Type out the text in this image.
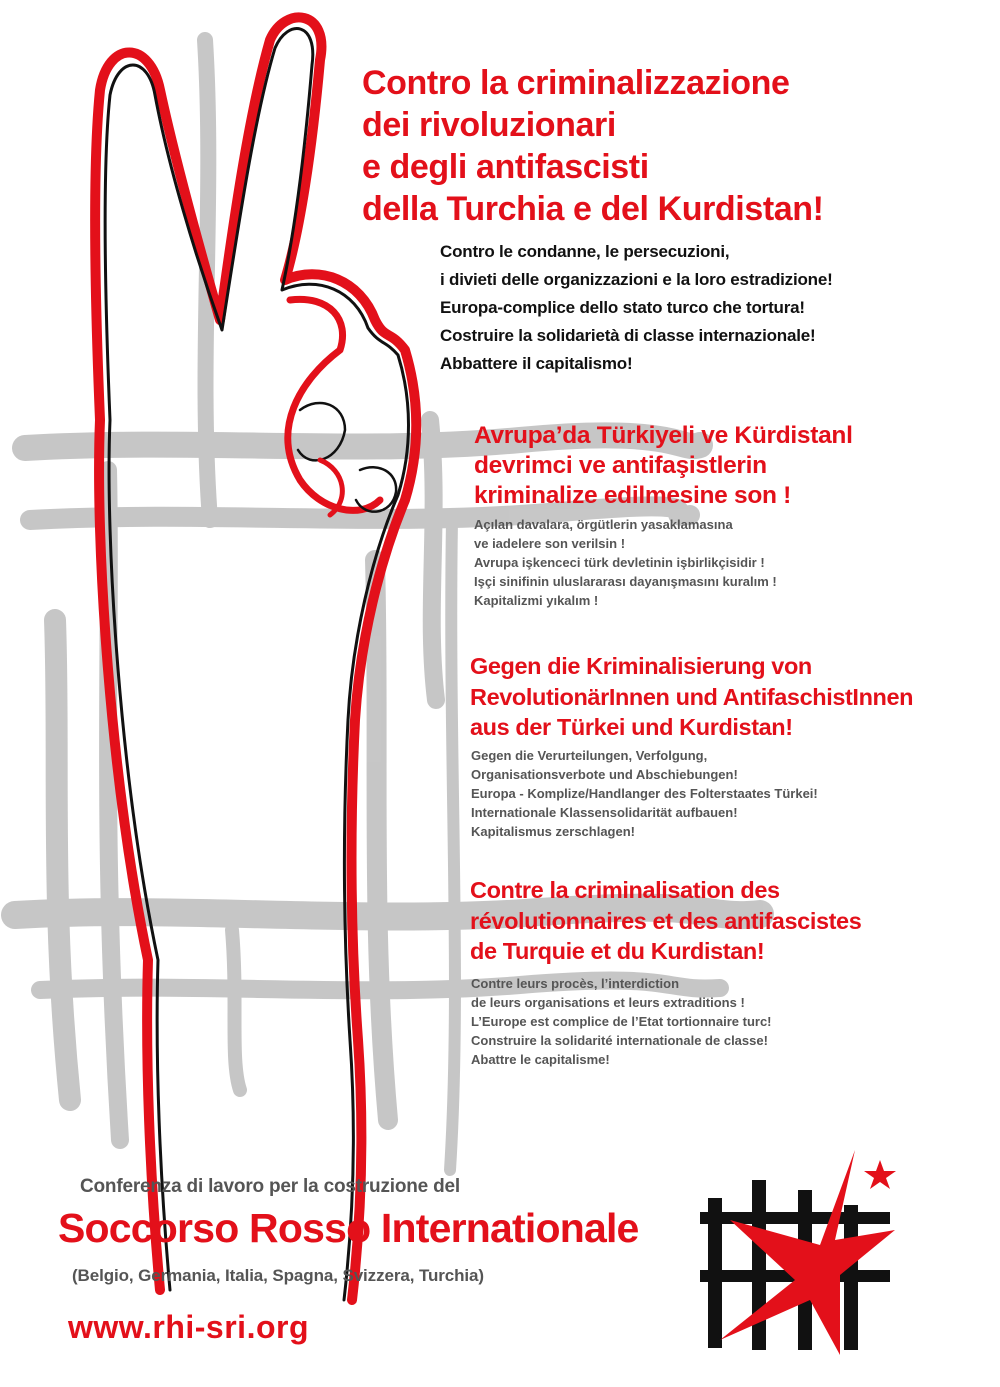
Contro la criminalizzazione
dei rivoluzionari
e degli antifascisti
della Turchia e del Kurdistan!
Contro le condanne, le persecuzioni,
i divieti delle organizzazioni e la loro estradizione!
Europa-complice dello stato turco che tortura!
Costruire la solidarietà di classe internazionale!
Abbattere il capitalismo!
Avrupa’da Türkiyeli ve Kürdistanl
devrimci ve antifaşistlerin
kriminalize edilmesine son !
Açılan davalara, örgütlerin yasaklamasına
ve iadelere son verilsin !
Avrupa işkenceci türk devletinin işbirlikçisidir !
Işçi sinifinin uluslararası dayanışmasını kuralım !
Kapitalizmi yıkalım !
Gegen die Kriminalisierung von
RevolutionärInnen und AntifaschistInnen
aus der Türkei und Kurdistan!
Gegen die Verurteilungen, Verfolgung,
Organisationsverbote und Abschiebungen!
Europa - Komplize/Handlanger des Folterstaates Türkei!
Internationale Klassensolidarität aufbauen!
Kapitalismus zerschlagen!
Contre la criminalisation des
révolutionnaires et des antifascistes
de Turquie et du Kurdistan!
Contre leurs procès, l’interdiction
de leurs organisations et leurs extraditions !
L’Europe est complice de l’Etat tortionnaire turc!
Construire la solidarité internationale de classe!
Abattre le capitalisme!
Conferenza di lavoro per la costruzione del
Soccorso Rosso Internationale
(Belgio, Germania, Italia, Spagna, Svizzera, Turchia)
www.rhi-sri.org
